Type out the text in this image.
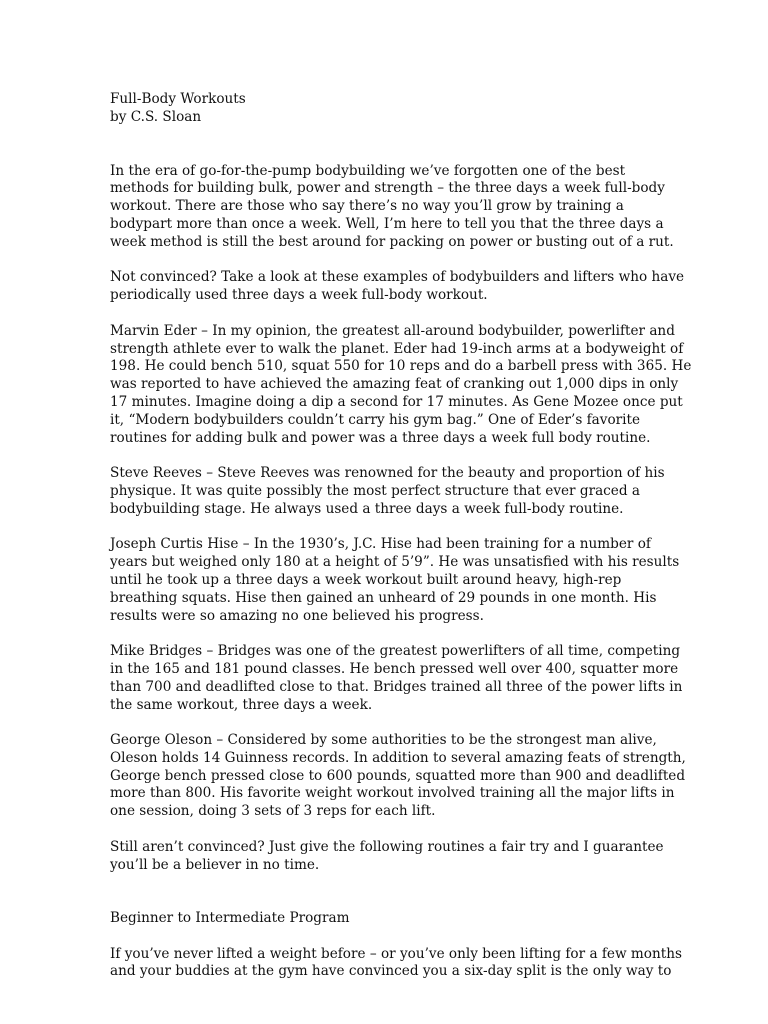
Full-Body Workouts

by C.S. Sloan

In the era of go-for-the-pump bodybuilding we’ve forgotten one of the best
methods for building bulk, power and strength – the three days a week full-body
workout. There are those who say there’s no way you’ll grow by training a
bodypart more than once a week. Well, I’m here to tell you that the three days a
week method is still the best around for packing on power or busting out of a rut.
Not convinced? Take a look at these examples of bodybuilders and lifters who have
periodically used three days a week full-body workout.
Marvin Eder – In my opinion, the greatest all-around bodybuilder, powerlifter and
strength athlete ever to walk the planet. Eder had 19-inch arms at a bodyweight of
198. He could bench 510, squat 550 for 10 reps and do a barbell press with 365. He
was reported to have achieved the amazing feat of cranking out 1,000 dips in only
17 minutes. Imagine doing a dip a second for 17 minutes. As Gene Mozee once put
it, “Modern bodybuilders couldn’t carry his gym bag.” One of Eder’s favorite
routines for adding bulk and power was a three days a week full body routine.
Steve Reeves – Steve Reeves was renowned for the beauty and proportion of his
physique. It was quite possibly the most perfect structure that ever graced a
bodybuilding stage. He always used a three days a week full-body routine.
Joseph Curtis Hise – In the 1930’s, J.C. Hise had been training for a number of
years but weighed only 180 at a height of 5’9”. He was unsatisfied with his results
until he took up a three days a week workout built around heavy, high-rep
breathing squats. Hise then gained an unheard of 29 pounds in one month. His
results were so amazing no one believed his progress.
Mike Bridges – Bridges was one of the greatest powerlifters of all time, competing
in the 165 and 181 pound classes. He bench pressed well over 400, squatter more
than 700 and deadlifted close to that. Bridges trained all three of the power lifts in
the same workout, three days a week.
George Oleson – Considered by some authorities to be the strongest man alive,
Oleson holds 14 Guinness records. In addition to several amazing feats of strength,
George bench pressed close to 600 pounds, squatted more than 900 and deadlifted
more than 800. His favorite weight workout involved training all the major lifts in
one session, doing 3 sets of 3 reps for each lift.
Still aren’t convinced? Just give the following routines a fair try and I guarantee
you’ll be a believer in no time.

Beginner to Intermediate Program

If you’ve never lifted a weight before – or you’ve only been lifting for a few months
and your buddies at the gym have convinced you a six-day split is the only way to
